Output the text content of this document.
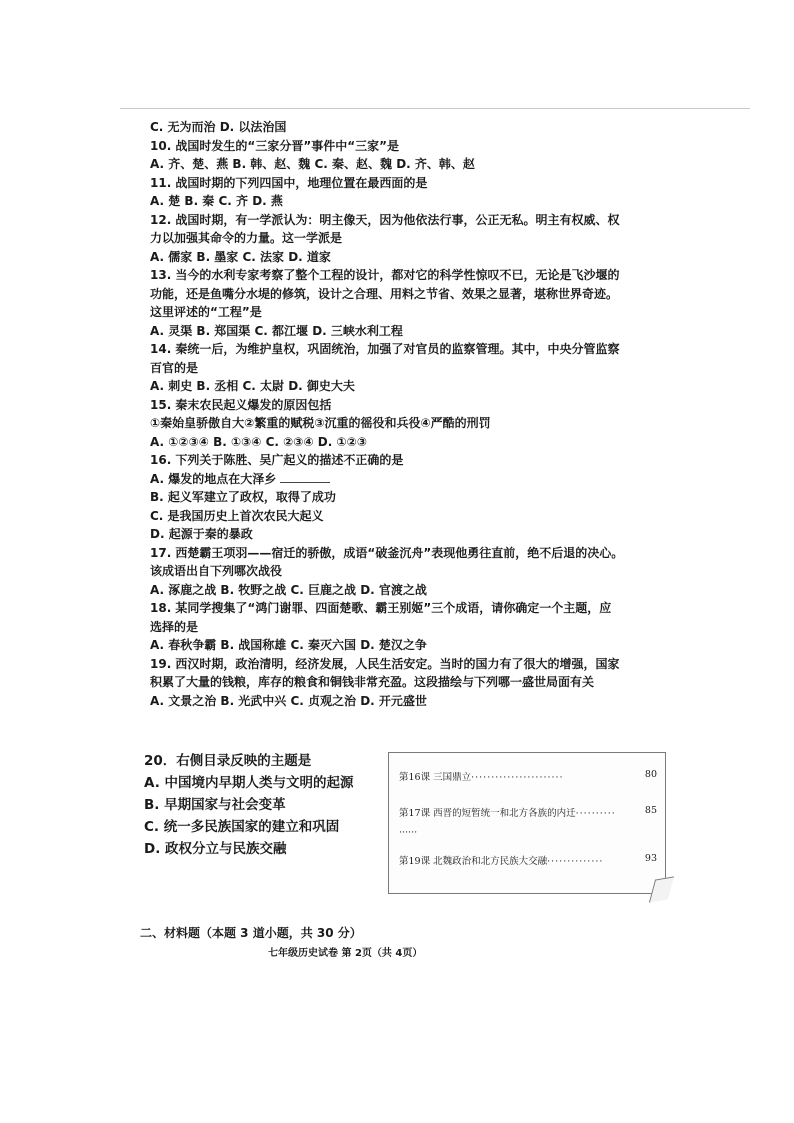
C. 无为而治 D. 以法治国

10. 战国时发生的“三家分晋”事件中“三家”是

A. 齐、楚、燕 B. 韩、赵、魏 C. 秦、赵、魏 D. 齐、韩、赵

11. 战国时期的下列四国中，地理位置在最西面的是

A. 楚 B. 秦 C. 齐 D. 燕

12. 战国时期，有一学派认为：明主像天，因为他依法行事，公正无私。明主有权威、权

力以加强其命令的力量。这一学派是

A. 儒家 B. 墨家 C. 法家 D. 道家

13. 当今的水利专家考察了整个工程的设计，都对它的科学性惊叹不已，无论是飞沙堰的

功能，还是鱼嘴分水堤的修筑，设计之合理、用料之节省、效果之显著，堪称世界奇迹。

这里评述的“工程”是

A. 灵渠 B. 郑国渠 C. 都江堰 D. 三峡水利工程

14. 秦统一后，为维护皇权，巩固统治，加强了对官员的监察管理。其中，中央分管监察

百官的是

A. 刺史 B. 丞相 C. 太尉 D. 御史大夫

15. 秦末农民起义爆发的原因包括

①秦始皇骄傲自大②繁重的赋税③沉重的徭役和兵役④严酷的刑罚

A. ①②③④ B. ①③④ C. ②③④ D. ①②③

16. 下列关于陈胜、吴广起义的描述不正确的是

A. 爆发的地点在大泽乡

B. 起义军建立了政权，取得了成功

C. 是我国历史上首次农民大起义

D. 起源于秦的暴政

17. 西楚霸王项羽——宿迁的骄傲，成语“破釜沉舟”表现他勇往直前，绝不后退的决心。

该成语出自下列哪次战役

A. 涿鹿之战 B. 牧野之战 C. 巨鹿之战 D. 官渡之战

18. 某同学搜集了“鸿门谢罪、四面楚歌、霸王别姬”三个成语，请你确定一个主题，应

选择的是

A. 春秋争霸 B. 战国称雄 C. 秦灭六国 D. 楚汉之争

19. 西汉时期，政治清明，经济发展，人民生活安定。当时的国力有了很大的增强，国家

积累了大量的钱粮，库存的粮食和铜钱非常充盈。这段描绘与下列哪一盛世局面有关

A. 文景之治 B. 光武中兴 C. 贞观之治 D. 开元盛世

20．右侧目录反映的主题是

A. 中国境内早期人类与文明的起源

B. 早期国家与社会变革

C. 统一多民族国家的建立和巩固

D. 政权分立与民族交融

第16课 三国鼎立·······················	80
第17课 西晋的短暂统一和北方各族的内迁··········	85
······
第19课 北魏政治和北方民族大交融··············	93
二、材料题（本题 3 道小题，共 30 分）
七年级历史试卷 第 2页（共 4页）
